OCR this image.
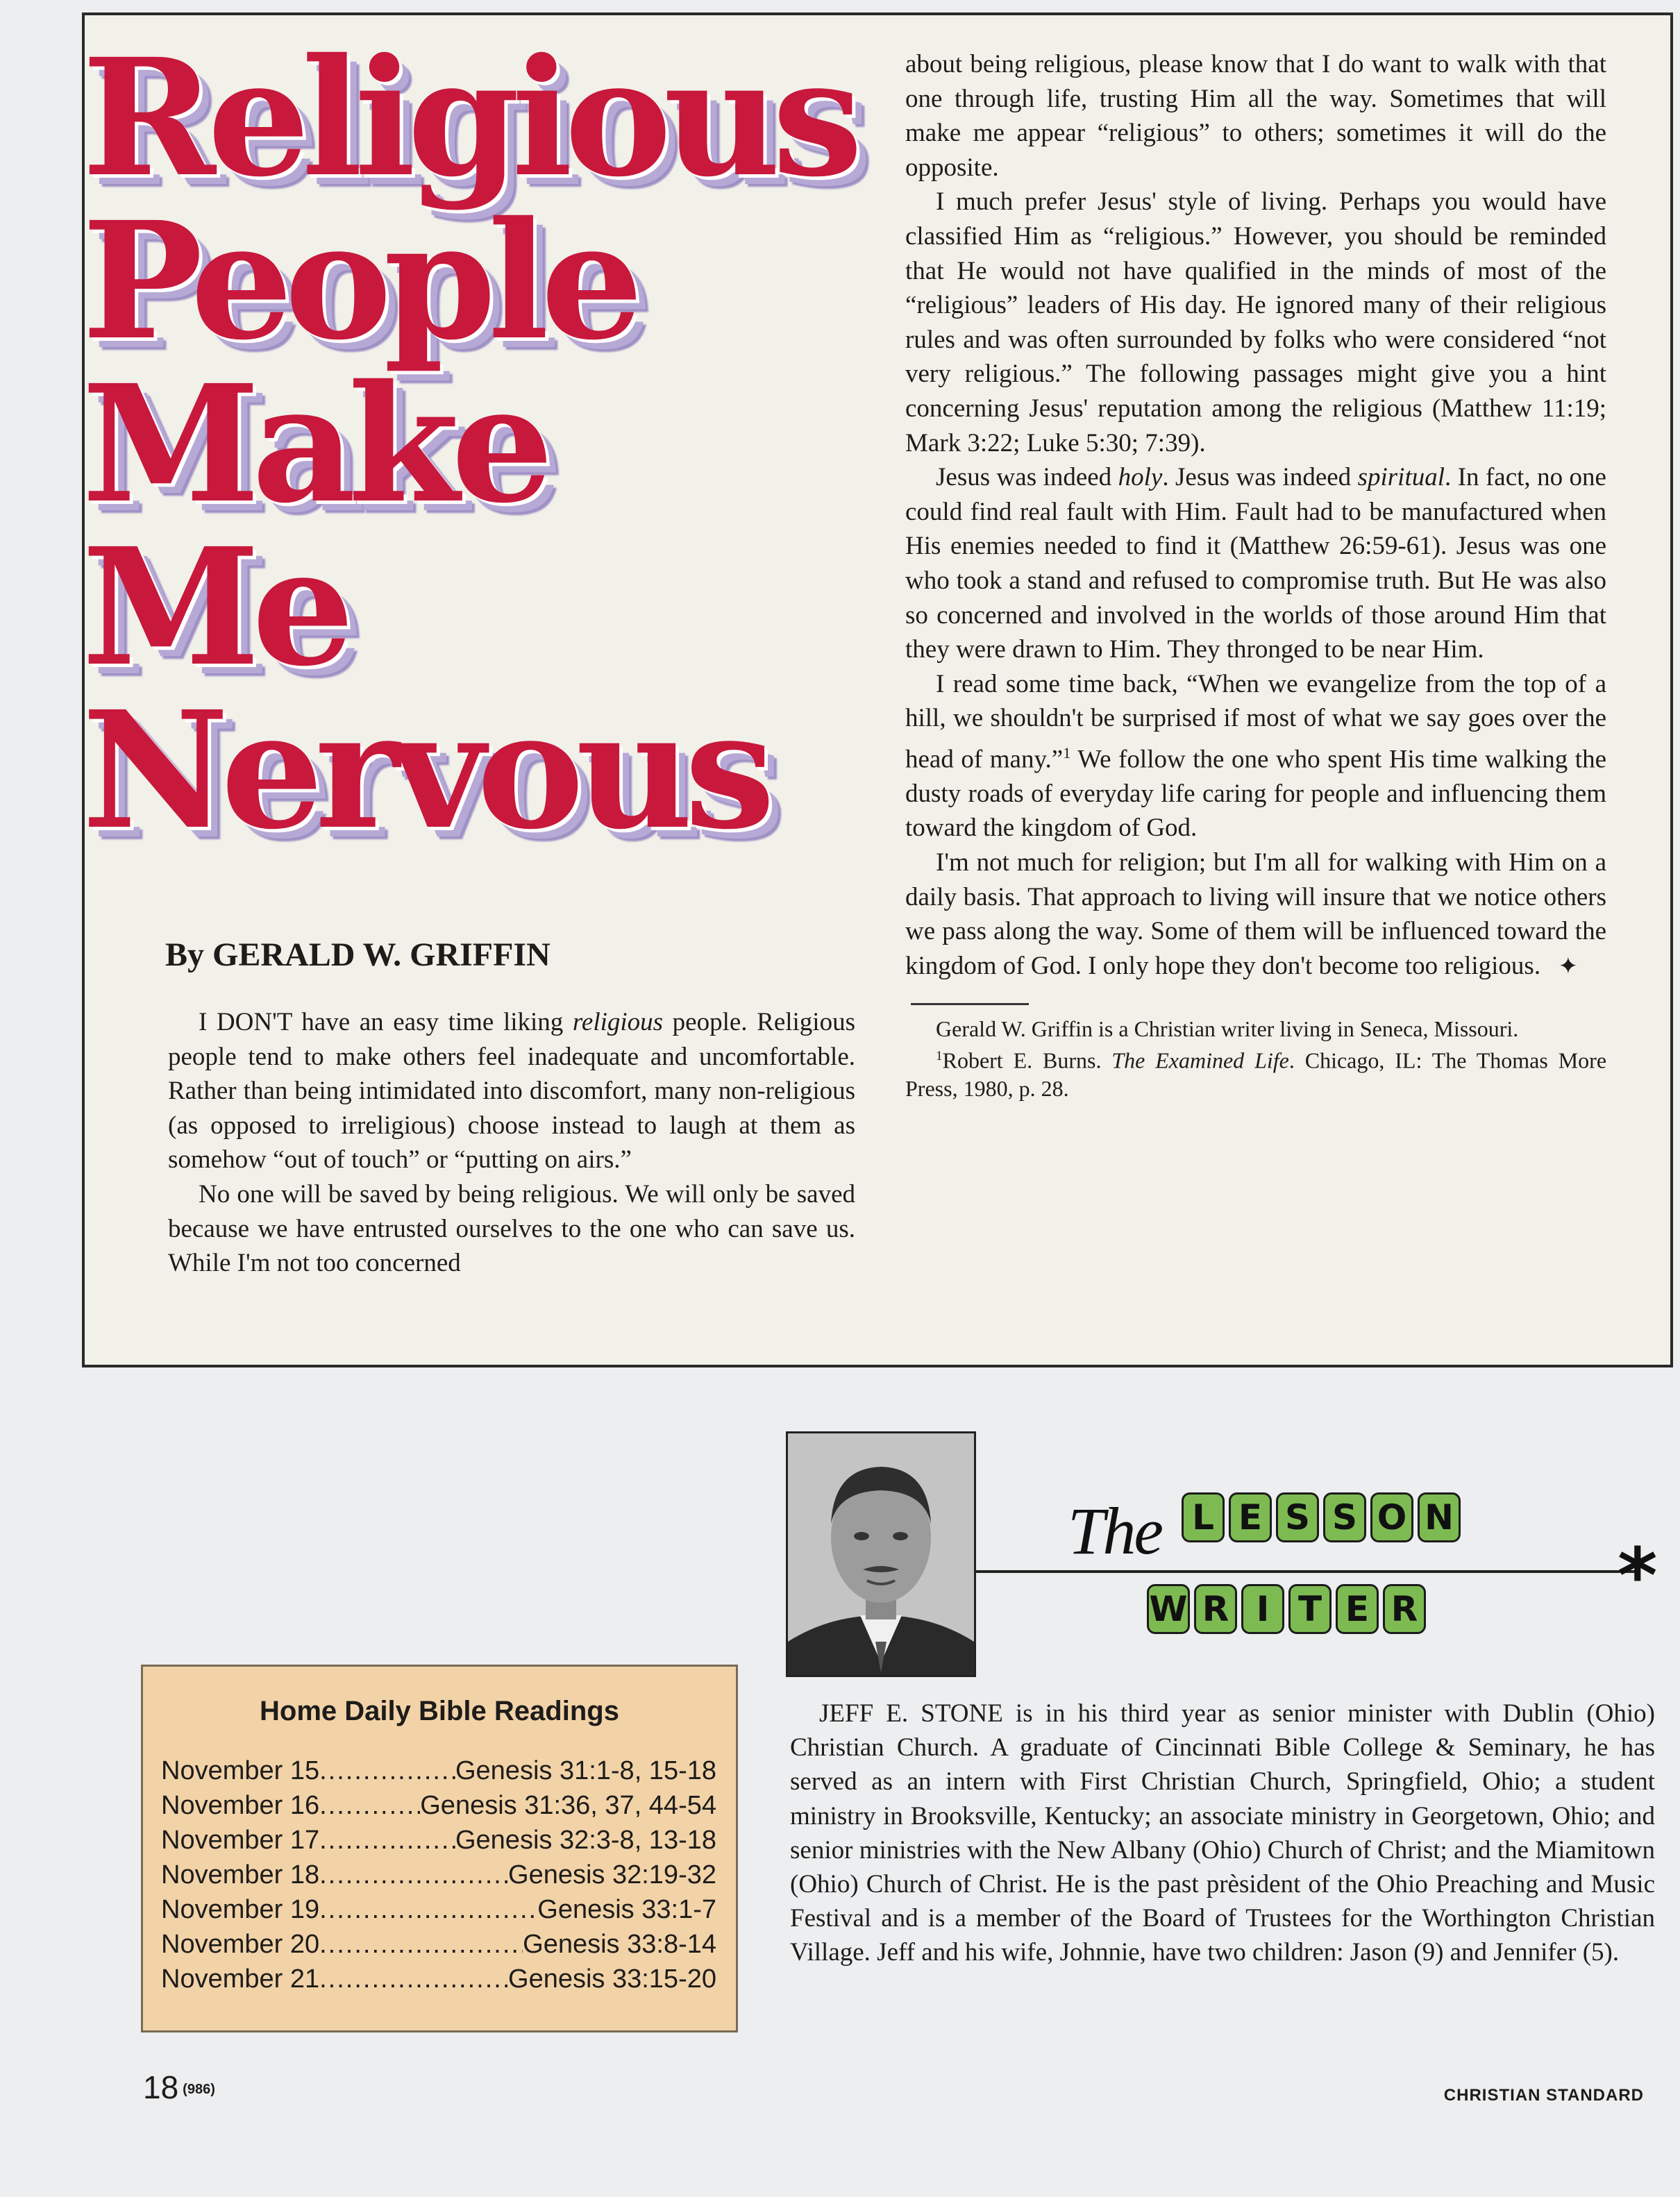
Religious
People
Make
Me
Nervous
By GERALD W. GRIFFIN

I DON'T have an easy time liking religious people. Religious people tend to make others feel inadequate and uncomfortable. Rather than being intimidated into discomfort, many non-religious (as opposed to irreligious) choose instead to laugh at them as somehow “out of touch” or “putting on airs.”

No one will be saved by being religious. We will only be saved because we have entrusted ourselves to the one who can save us. While I'm not too concerned

about being religious, please know that I do want to walk with that one through life, trusting Him all the way. Sometimes that will make me appear “religious” to others; sometimes it will do the opposite.

I much prefer Jesus' style of living. Perhaps you would have classified Him as “religious.” However, you should be reminded that He would not have qualified in the minds of most of the “religious” leaders of His day. He ignored many of their religious rules and was often surrounded by folks who were considered “not very religious.” The following passages might give you a hint concerning Jesus' reputation among the religious (Matthew 11:19; Mark 3:22; Luke 5:30; 7:39).

Jesus was indeed holy. Jesus was indeed spiritual. In fact, no one could find real fault with Him. Fault had to be manufactured when His enemies needed to find it (Matthew 26:59-61). Jesus was one who took a stand and refused to compromise truth. But He was also so concerned and involved in the worlds of those around Him that they were drawn to Him. They thronged to be near Him.

I read some time back, “When we evangelize from the top of a hill, we shouldn't be surprised if most of what we say goes over the head of many.”$^1$ We follow the one who spent His time walking the dusty roads of everyday life caring for people and influencing them toward the kingdom of God.

I'm not much for religion; but I'm all for walking with Him on a daily basis. That approach to living will insure that we notice others we pass along the way. Some of them will be influenced toward the kingdom of God. I only hope they don't become too religious.   ✦

Gerald W. Griffin is a Christian writer living in Seneca, Missouri.

$^1$Robert E. Burns. The Examined Life. Chicago, IL: The Thomas More Press, 1980, p. 28.

Home Daily Bible Readings
November 15 .....	Genesis 31:1-8, 15-18
November 16 .....	Genesis 31:36, 37, 44-54
November 17 .....	Genesis 32:3-8, 13-18
November 18 .....	Genesis 32:19-32
November 19 .....	Genesis 33:1-7
November 20 .....	Genesis 33:8-14
November 21 .....	Genesis 33:15-20
The L E S S O N
W R I T E R	*
JEFF E. STONE is in his third year as senior minister with Dublin (Ohio) Christian Church. A graduate of Cincinnati Bible College & Seminary, he has served as an intern with First Christian Church, Springfield, Ohio; a student ministry in Brooksville, Kentucky; an associate ministry in Georgetown, Ohio; and senior ministries with the New Albany (Ohio) Church of Christ; and the Miamitown (Ohio) Church of Christ. He is the past prèsident of the Ohio Preaching and Music Festival and is a member of the Board of Trustees for the Worthington Christian Village. Jeff and his wife, Johnnie, have two children: Jason (9) and Jennifer (5).
18 (986)	CHRISTIAN STANDARD
